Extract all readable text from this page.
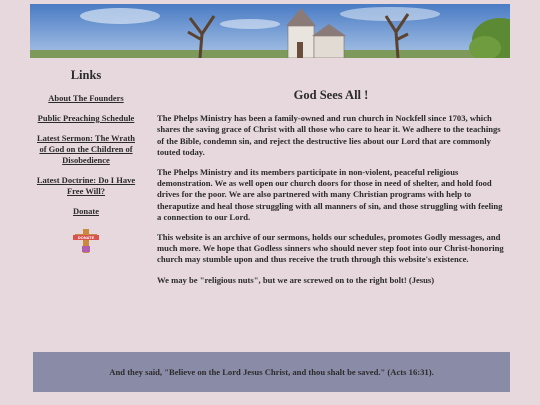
Links
About The Founders
Public Preaching Schedule
Latest Sermon: The Wrath of God on the Children of Disobedience
Latest Doctrine: Do I Have Free Will?
Donate
DONATE
God Sees All !

The Phelps Ministry has been a family-owned and run church in Nockfell since 1703, which shares the saving grace of Christ with all those who care to hear it. We adhere to the teachings of the Bible, condemn sin, and reject the destructive lies about our Lord that are commonly touted today.

The Phelps Ministry and its members participate in non-violent, peaceful religious demonstration. We as well open our church doors for those in need of shelter, and hold food drives for the poor. We are also partnered with many Christian programs with help to theraputize and heal those struggling with all manners of sin, and those struggling with feeling a connection to our Lord.

This website is an archive of our sermons, holds our schedules, promotes Godly messages, and much more. We hope that Godless sinners who should never step foot into our Christ-honoring church may stumble upon and thus receive the truth through this website's existence.

We may be "religious nuts", but we are screwed on to the right bolt! (Jesus)

And they said, "Believe on the Lord Jesus Christ, and thou shalt be saved." (Acts 16:31).
